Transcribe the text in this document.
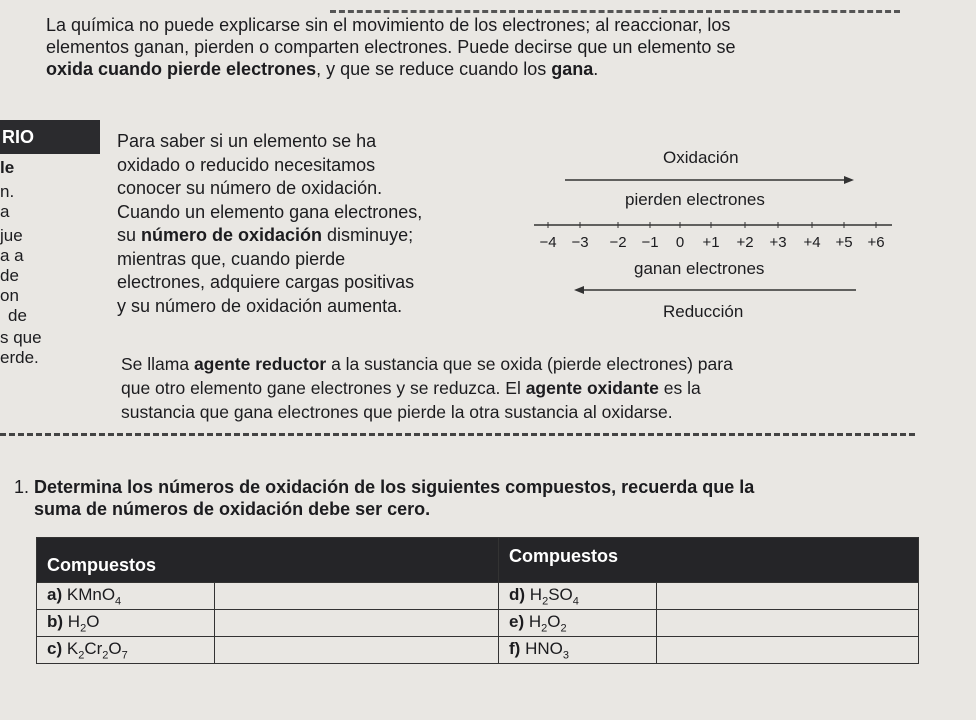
La química no puede explicarse sin el movimiento de los electrones; al reaccionar, los
elementos ganan, pierden o comparten electrones. Puede decirse que un elemento se
oxida cuando pierde electrones, y que se reduce cuando los gana.
RIO
le
n.
a
jue
a a
de
on
de
s que
erde.
Para saber si un elemento se ha
oxidado o reducido necesitamos
conocer su número de oxidación.
Cuando un elemento gana electrones,
su número de oxidación disminuye;
mientras que, cuando pierde
electrones, adquiere cargas positivas
y su número de oxidación aumenta.
Oxidación
pierden electrones
−4 −3 −2 −1 0 +1 +2 +3 +4 +5 +6
ganan electrones
Reducción
Se llama agente reductor a la sustancia que se oxida (pierde electrones) para
que otro elemento gane electrones y se reduzca. El agente oxidante es la
sustancia que gana electrones que pierde la otra sustancia al oxidarse.
1. Determina los números de oxidación de los siguientes compuestos, recuerda que la
suma de números de oxidación debe ser cero.
Compuestos		Compuestos	
a) KMnO$_4$		d) $H_2SO_4$	
b) $H_2O$		e) $H_2O_2$	
c) $K_2Cr_2O_7$		f) $HNO_3$	
